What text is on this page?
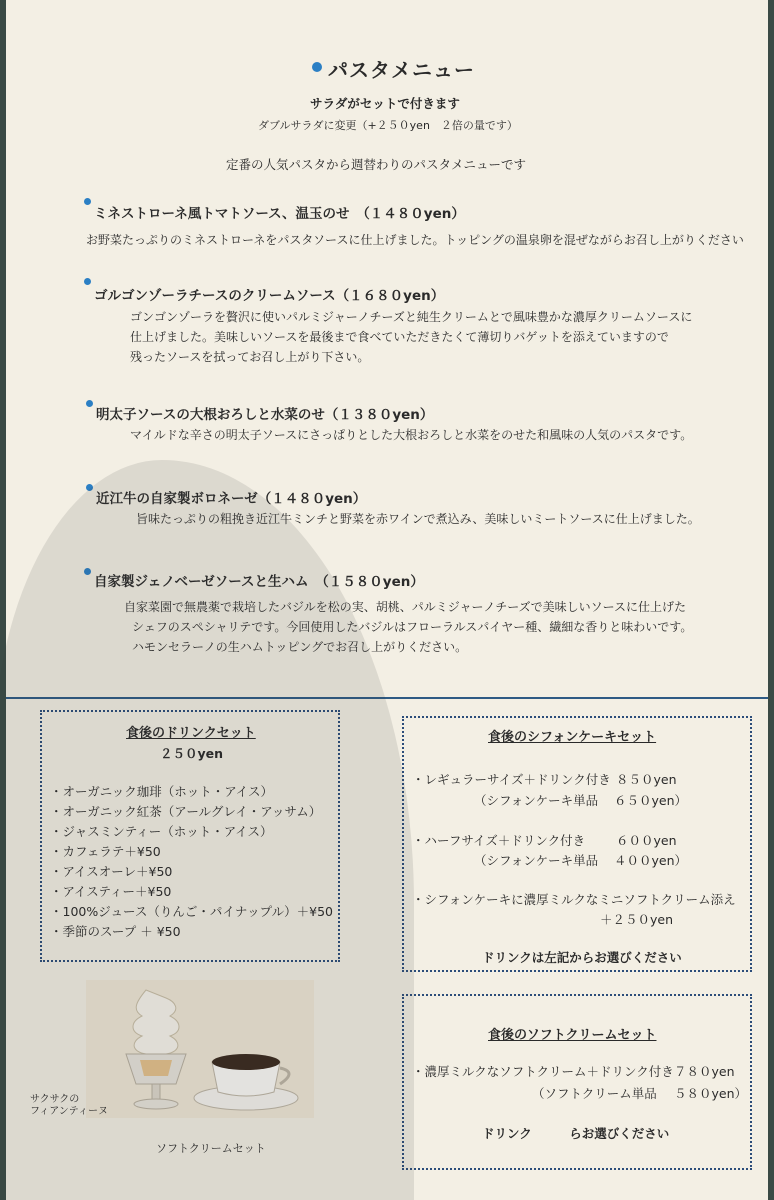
パスタメニュー
サラダがセットで付きます
ダブルサラダに変更（+２５０yen　２倍の量です）
定番の人気パスタから週替わりのパスタメニューです
ミネストローネ風トマトソース、温玉のせ　（１４８０yen）
お野菜たっぷりのミネストローネをパスタソースに仕上げました。トッピングの温泉卵を混ぜながらお召し上がりください
ゴルゴンゾーラチースのクリームソース（１６８０yen）
ゴンゴンゾーラを贅沢に使いパルミジャーノチーズと純生クリームとで風味豊かな濃厚クリームソースに
仕上げました。美味しいソースを最後まで食べていただきたくて薄切りバゲットを添えていますので
残ったソースを拭ってお召し上がり下さい。
明太子ソースの大根おろしと水菜のせ（１３８０yen）
マイルドな辛さの明太子ソースにさっぱりとした大根おろしと水菜をのせた和風味の人気のパスタです。
近江牛の自家製ボロネーゼ（１４８０yen）
旨味たっぷりの粗挽き近江牛ミンチと野菜を赤ワインで煮込み、美味しいミートソースに仕上げました。
自家製ジェノベーゼソースと生ハム　（１５８０yen）
自家菜園で無農薬で栽培したバジルを松の実、胡桃、パルミジャーノチーズで美味しいソースに仕上げた
シェフのスペシャリテです。今回使用したバジルはフローラルスパイヤー種、繊細な香りと味わいです。
ハモンセラーノの生ハムトッピングでお召し上がりください。
食後のドリンクセット
２５０yen
・オーガニック珈琲（ホット・アイス）
・オーガニック紅茶（アールグレイ・アッサム）
・ジャスミンティー（ホット・アイス）
・カフェラテ＋¥50
・アイスオーレ＋¥50
・アイスティー＋¥50
・100%ジュース（りんご・パイナップル）＋¥50
・季節のスープ ＋ ¥50
食後のシフォンケーキセット
・レギュラーサイズ＋ドリンク付き ８５０yen
（シフォンケーキ単品 ６５０yen）
・ハーフサイズ＋ドリンク付き ６００yen
（シフォンケーキ単品 ４００yen）
・シフォンケーキに濃厚ミルクなミニソフトクリーム添え
＋２５０yen
ドリンクは左記からお選びください
食後のソフトクリームセット
・濃厚ミルクなソフトクリーム＋ドリンク付き ７８０yen
（ソフトクリーム単品 ５８０yen）
ドリンク　　　らお選びください
サクサクの
フィアンティーヌ
ソフトクリームセット
